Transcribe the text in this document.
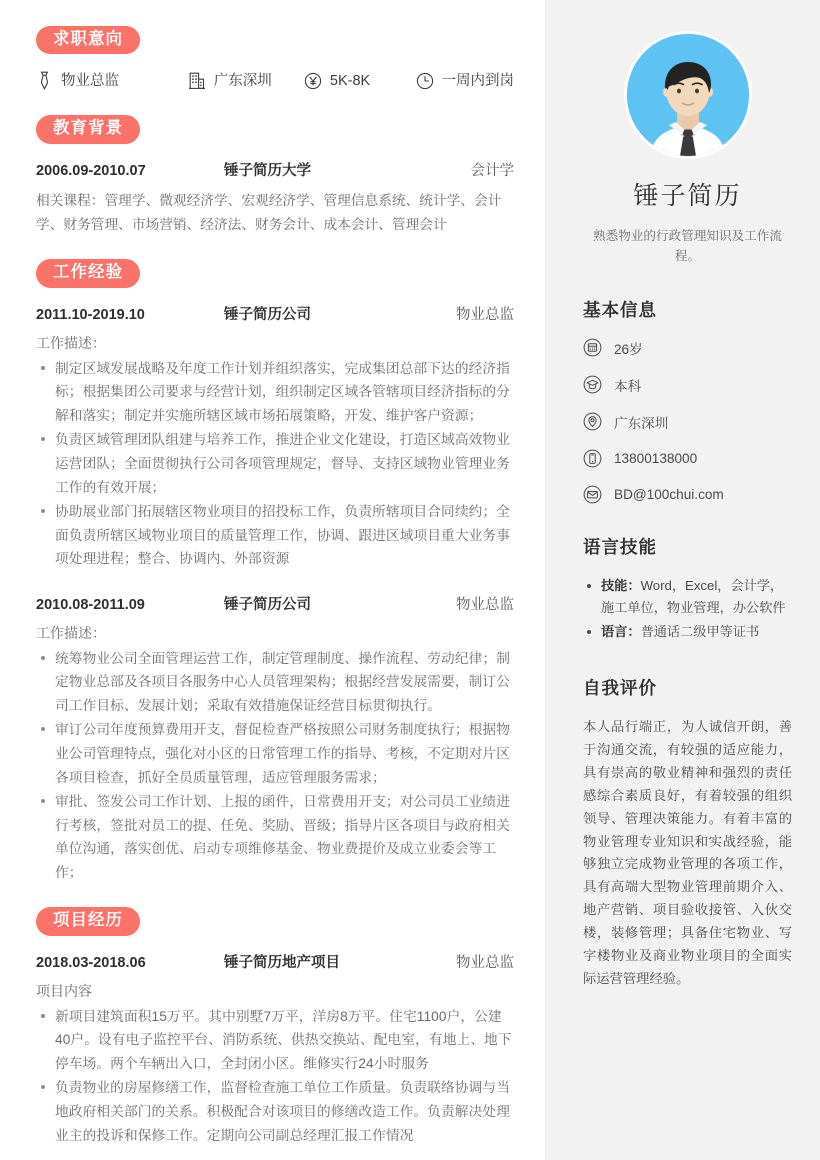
求职意向
物业总监	广东深圳	5K-8K	一周内到岗
教育背景
2006.09-2010.07	锤子简历大学	会计学
相关课程：管理学、微观经济学、宏观经济学、管理信息系统、统计学、会计学、财务管理、市场营销、经济法、财务会计、成本会计、管理会计
工作经验
2011.10-2019.10	锤子简历公司	物业总监
工作描述：
制定区域发展战略及年度工作计划并组织落实，完成集团总部下达的经济指标；根据集团公司要求与经营计划，组织制定区域各管辖项目经济指标的分解和落实；制定并实施所辖区域市场拓展策略，开发、维护客户资源；
负责区域管理团队组建与培养工作，推进企业文化建设，打造区域高效物业运营团队；全面贯彻执行公司各项管理规定，督导、支持区域物业管理业务工作的有效开展；
协助展业部门拓展辖区物业项目的招投标工作，负责所辖项目合同续约；全面负责所辖区域物业项目的质量管理工作，协调、跟进区域项目重大业务事项处理进程；整合、协调内、外部资源
2010.08-2011.09	锤子简历公司	物业总监
工作描述：
统筹物业公司全面管理运营工作，制定管理制度、操作流程、劳动纪律；制定物业总部及各项目各服务中心人员管理架构；根据经营发展需要，制订公司工作目标、发展计划；采取有效措施保证经营目标贯彻执行。
审订公司年度预算费用开支，督促检查严格按照公司财务制度执行；根据物业公司管理特点，强化对小区的日常管理工作的指导、考核，不定期对片区各项目检查，抓好全员质量管理，适应管理服务需求；
审批、签发公司工作计划、上报的函件，日常费用开支；对公司员工业绩进行考核，签批对员工的提、任免、奖励、晋级；指导片区各项目与政府相关单位沟通，落实创优、启动专项维修基金、物业费提价及成立业委会等工作；
项目经历
2018.03-2018.06	锤子简历地产项目	物业总监
项目内容
新项目建筑面积15万平。其中别墅7万平，洋房8万平。住宅1100户，公建40户。设有电子监控平台、消防系统、供热交换站、配电室，有地上、地下停车场。两个车辆出入口，全封闭小区。维修实行24小时服务
负责物业的房屋修缮工作，监督检查施工单位工作质量。负责联络协调与当地政府相关部门的关系。积极配合对该项目的修缮改造工作。负责解决处理业主的投诉和保修工作。定期向公司副总经理汇报工作情况
锤子简历
熟悉物业的行政管理知识及工作流程。
基本信息
26岁
本科
广东深圳
13800138000
BD@100chui.com
语言技能
技能：Word，Excel，会计学，施工单位，物业管理，办公软件
语言：普通话二级甲等证书
自我评价
本人品行端正，为人诚信开朗，善于沟通交流，有较强的适应能力，具有崇高的敬业精神和强烈的责任感综合素质良好，有着较强的组织领导、管理决策能力。有着丰富的物业管理专业知识和实战经验，能够独立完成物业管理的各项工作，具有高端大型物业管理前期介入、地产营销、项目验收接管、入伙交楼，装修管理；具备住宅物业、写字楼物业及商业物业项目的全面实际运营管理经验。
